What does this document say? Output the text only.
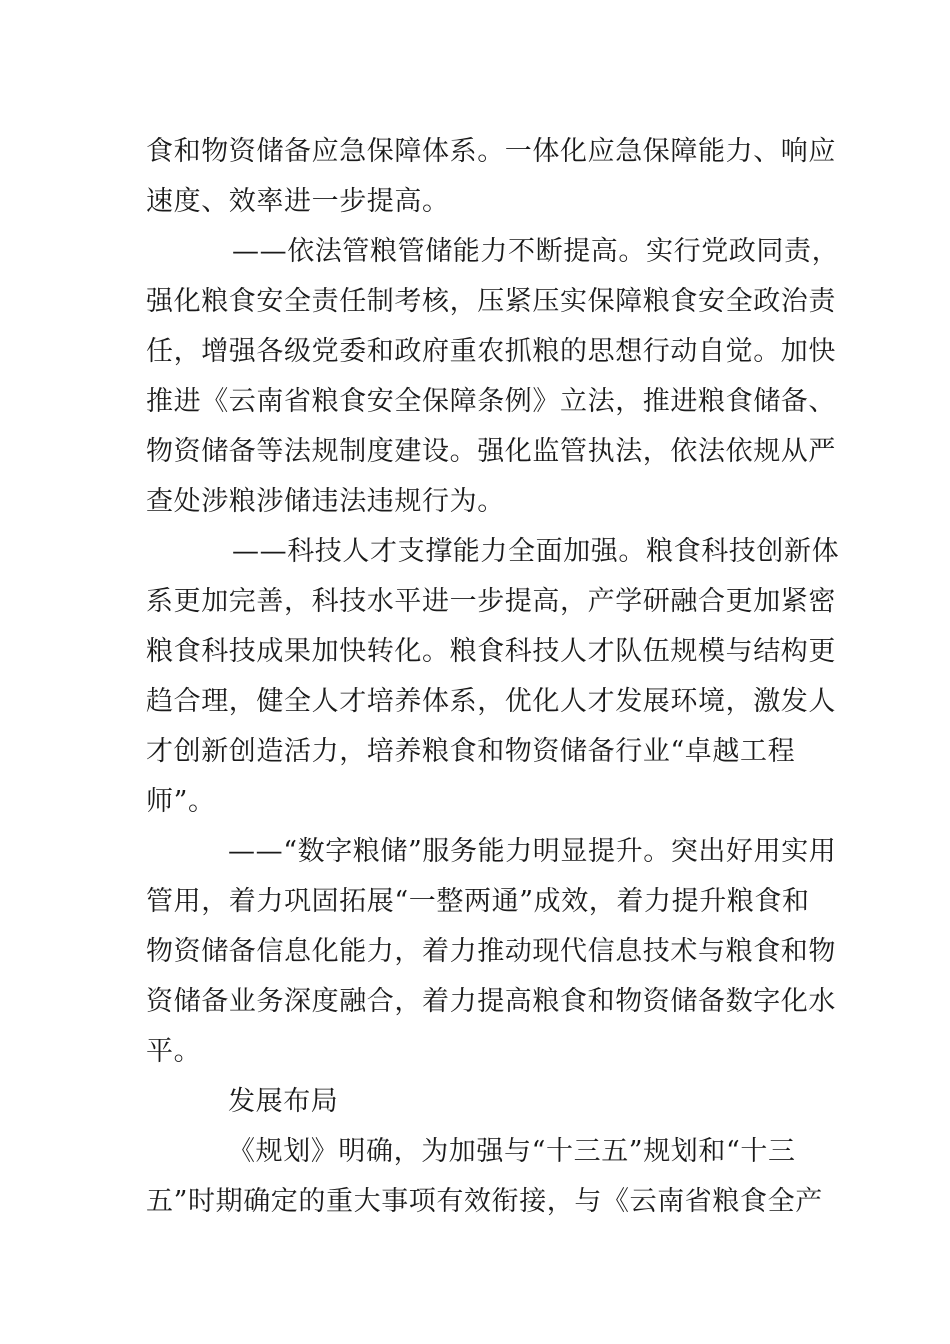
食和物资储备应急保障体系。一体化应急保障能力、响应
速度、效率进一步提高。
——依法管粮管储能力不断提高。实行党政同责，
强化粮食安全责任制考核，压紧压实保障粮食安全政治责
任，增强各级党委和政府重农抓粮的思想行动自觉。加快
推进《云南省粮食安全保障条例》立法，推进粮食储备、
物资储备等法规制度建设。强化监管执法，依法依规从严
查处涉粮涉储违法违规行为。
——科技人才支撑能力全面加强。粮食科技创新体
系更加完善，科技水平进一步提高，产学研融合更加紧密
粮食科技成果加快转化。粮食科技人才队伍规模与结构更
趋合理，健全人才培养体系，优化人才发展环境，激发人
才创新创造活力，培养粮食和物资储备行业“卓越工程
师”。
——“数字粮储”服务能力明显提升。突出好用实用
管用，着力巩固拓展“一整两通”成效，着力提升粮食和
物资储备信息化能力，着力推动现代信息技术与粮食和物
资储备业务深度融合，着力提高粮食和物资储备数字化水
平。
发展布局
《规划》明确，为加强与“十三五”规划和“十三
五”时期确定的重大事项有效衔接，与《云南省粮食全产
